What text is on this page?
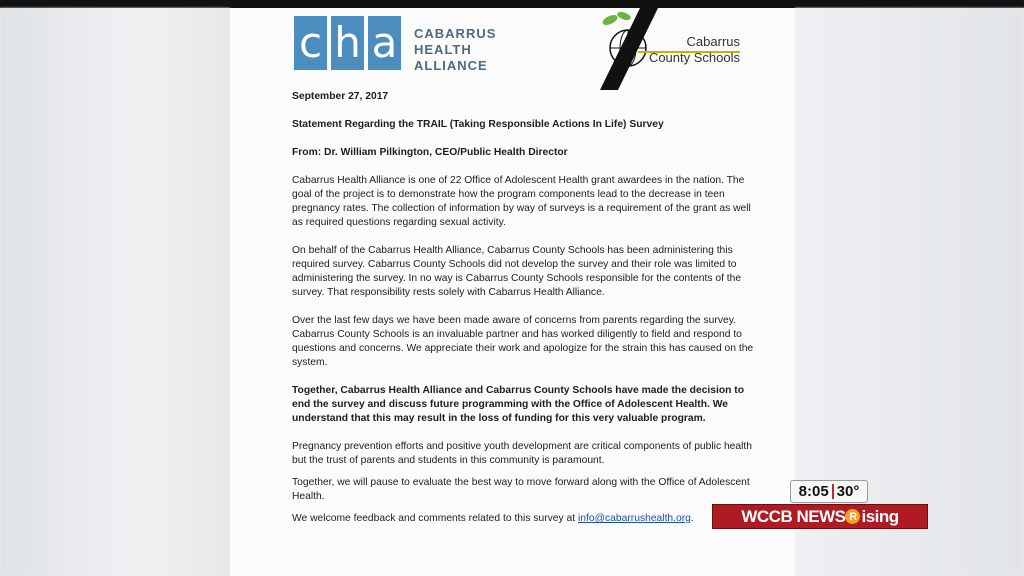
c h a CABARRUS
HEALTH
ALLIANCE
Cabarrus
County Schools

September 27, 2017

Statement Regarding the TRAIL (Taking Responsible Actions In Life) Survey

From: Dr. William Pilkington, CEO/Public Health Director

Cabarrus Health Alliance is one of 22 Office of Adolescent Health grant awardees in the nation. The goal of the project is to demonstrate how the program components lead to the decrease in teen pregnancy rates. The collection of information by way of surveys is a requirement of the grant as well as required questions regarding sexual activity.

On behalf of the Cabarrus Health Alliance, Cabarrus County Schools has been administering this required survey. Cabarrus County Schools did not develop the survey and their role was limited to administering the survey. In no way is Cabarrus County Schools responsible for the contents of the survey. That responsibility rests solely with Cabarrus Health Alliance.

Over the last few days we have been made aware of concerns from parents regarding the survey. Cabarrus County Schools is an invaluable partner and has worked diligently to field and respond to questions and concerns. We appreciate their work and apologize for the strain this has caused on the system.

Together, Cabarrus Health Alliance and Cabarrus County Schools have made the decision to end the survey and discuss future programming with the Office of Adolescent Health. We understand that this may result in the loss of funding for this very valuable program.

Pregnancy prevention efforts and positive youth development are critical components of public health but the trust of parents and students in this community is paramount.

Together, we will pause to evaluate the best way to move forward along with the Office of Adolescent Health.

We welcome feedback and comments related to this survey at info@cabarrushealth.org.

8:05 30°
WCCB NEWS R ising
